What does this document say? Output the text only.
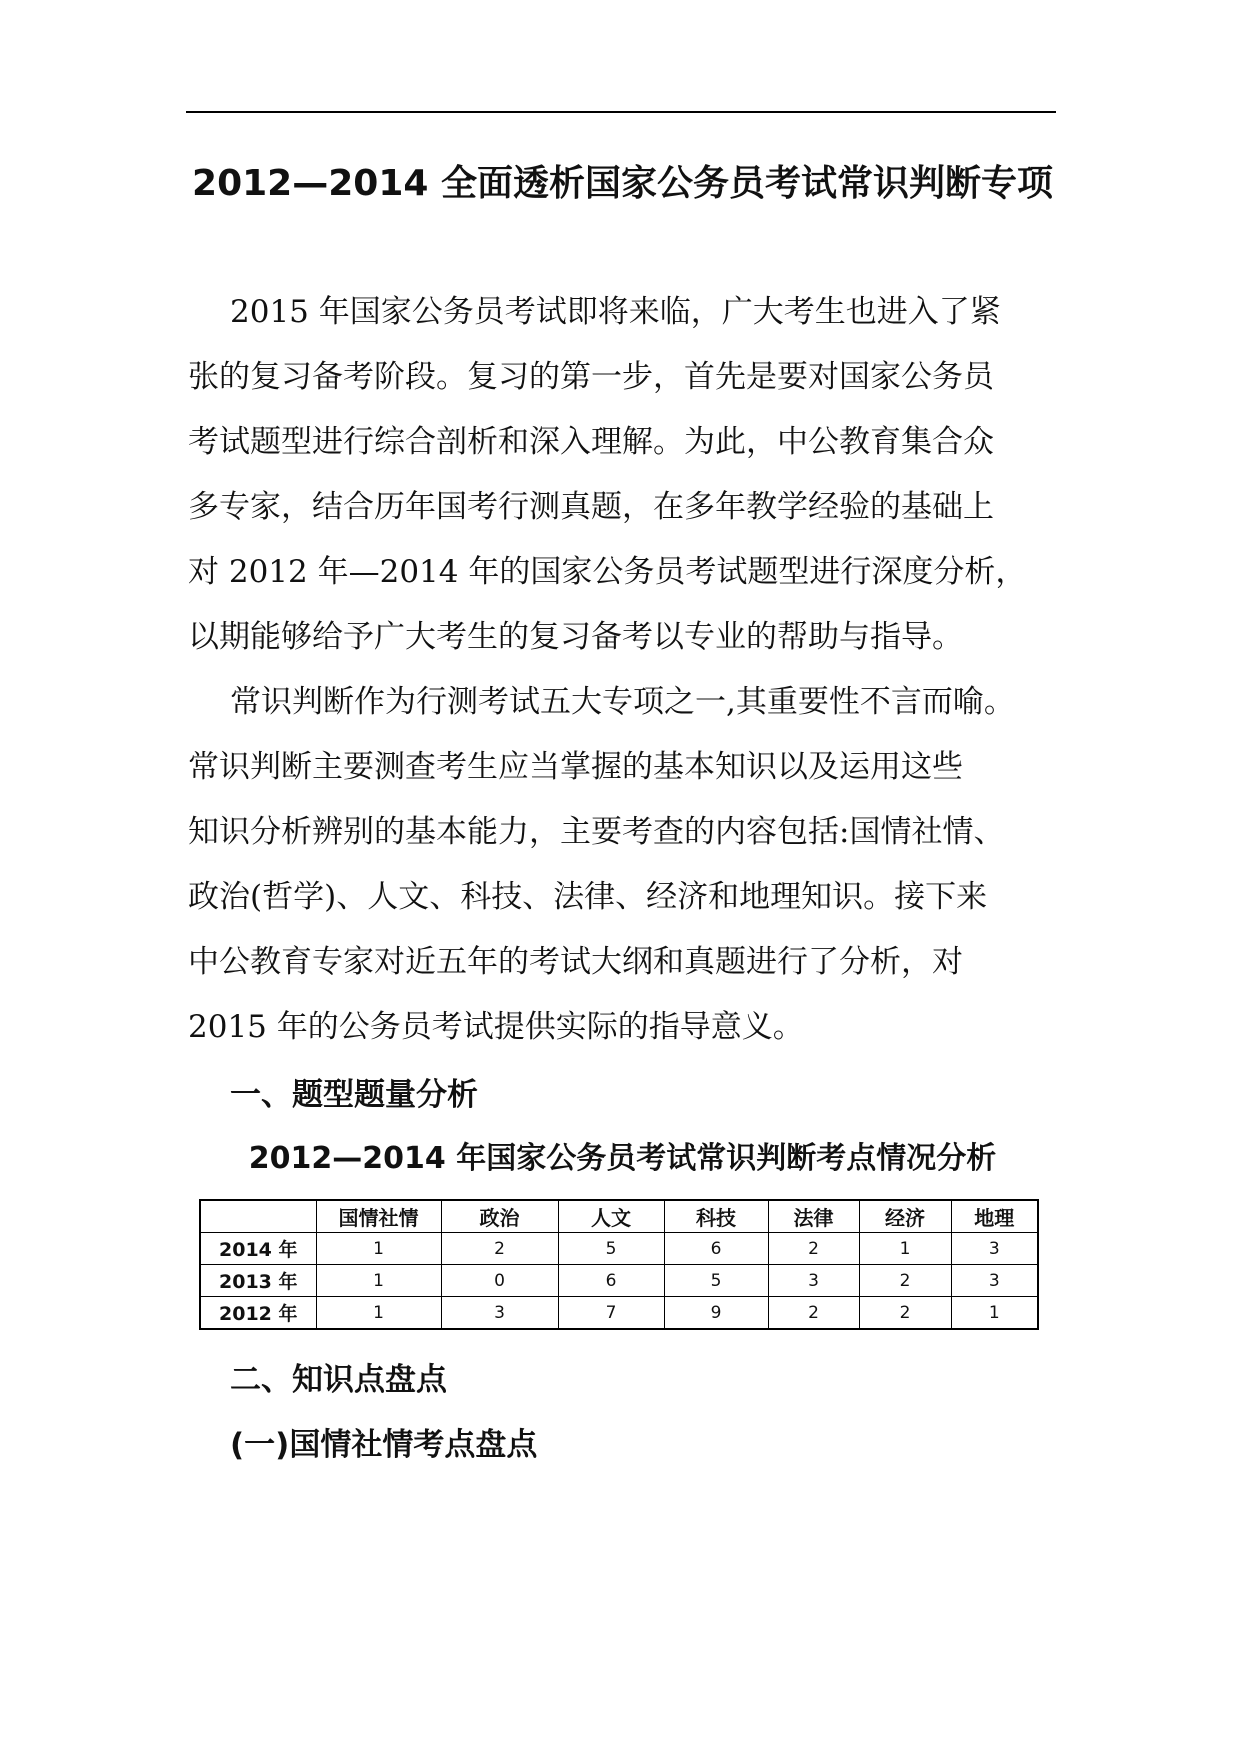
2012—2014 全面透析国家公务员考试常识判断专项
2015 年国家公务员考试即将来临，广大考生也进入了紧
张的复习备考阶段。复习的第一步，首先是要对国家公务员
考试题型进行综合剖析和深入理解。为此，中公教育集合众
多专家，结合历年国考行测真题，在多年教学经验的基础上
对 2012 年—2014 年的国家公务员考试题型进行深度分析，
以期能够给予广大考生的复习备考以专业的帮助与指导。
常识判断作为行测考试五大专项之一,其重要性不言而喻。
常识判断主要测查考生应当掌握的基本知识以及运用这些
知识分析辨别的基本能力，主要考查的内容包括:国情社情、
政治(哲学)、人文、科技、法律、经济和地理知识。接下来
中公教育专家对近五年的考试大纲和真题进行了分析，对
2015 年的公务员考试提供实际的指导意义。
一、题型题量分析
2012—2014 年国家公务员考试常识判断考点情况分析
	国情社情	政治	人文	科技	法律	经济	地理
2014 年	1	2	5	6	2	1	3
2013 年	1	0	6	5	3	2	3
2012 年	1	3	7	9	2	2	1
二、知识点盘点
(一)国情社情考点盘点
